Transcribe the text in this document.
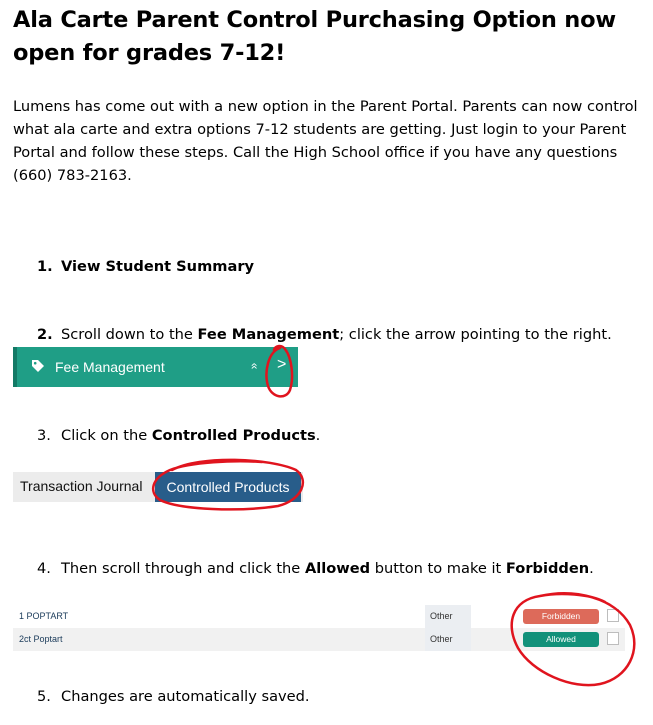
Ala Carte Parent Control Purchasing Option now open for grades 7-12!
Lumens has come out with a new option in the Parent Portal. Parents can now control what ala carte and extra options 7-12 students are getting. Just login to your Parent Portal and follow these steps. Call the High School office if you have any questions (660) 783-2163.
1. View Student Summary
2. Scroll down to the Fee Management; click the arrow pointing to the right.
Fee Management	» >
3. Click on the Controlled Products.
Transaction Journal	Controlled Products
4. Then scroll through and click the Allowed button to make it Forbidden.
1 POPTART	Other	Forbidden
2ct Poptart	Other	Allowed
5. Changes are automatically saved.
